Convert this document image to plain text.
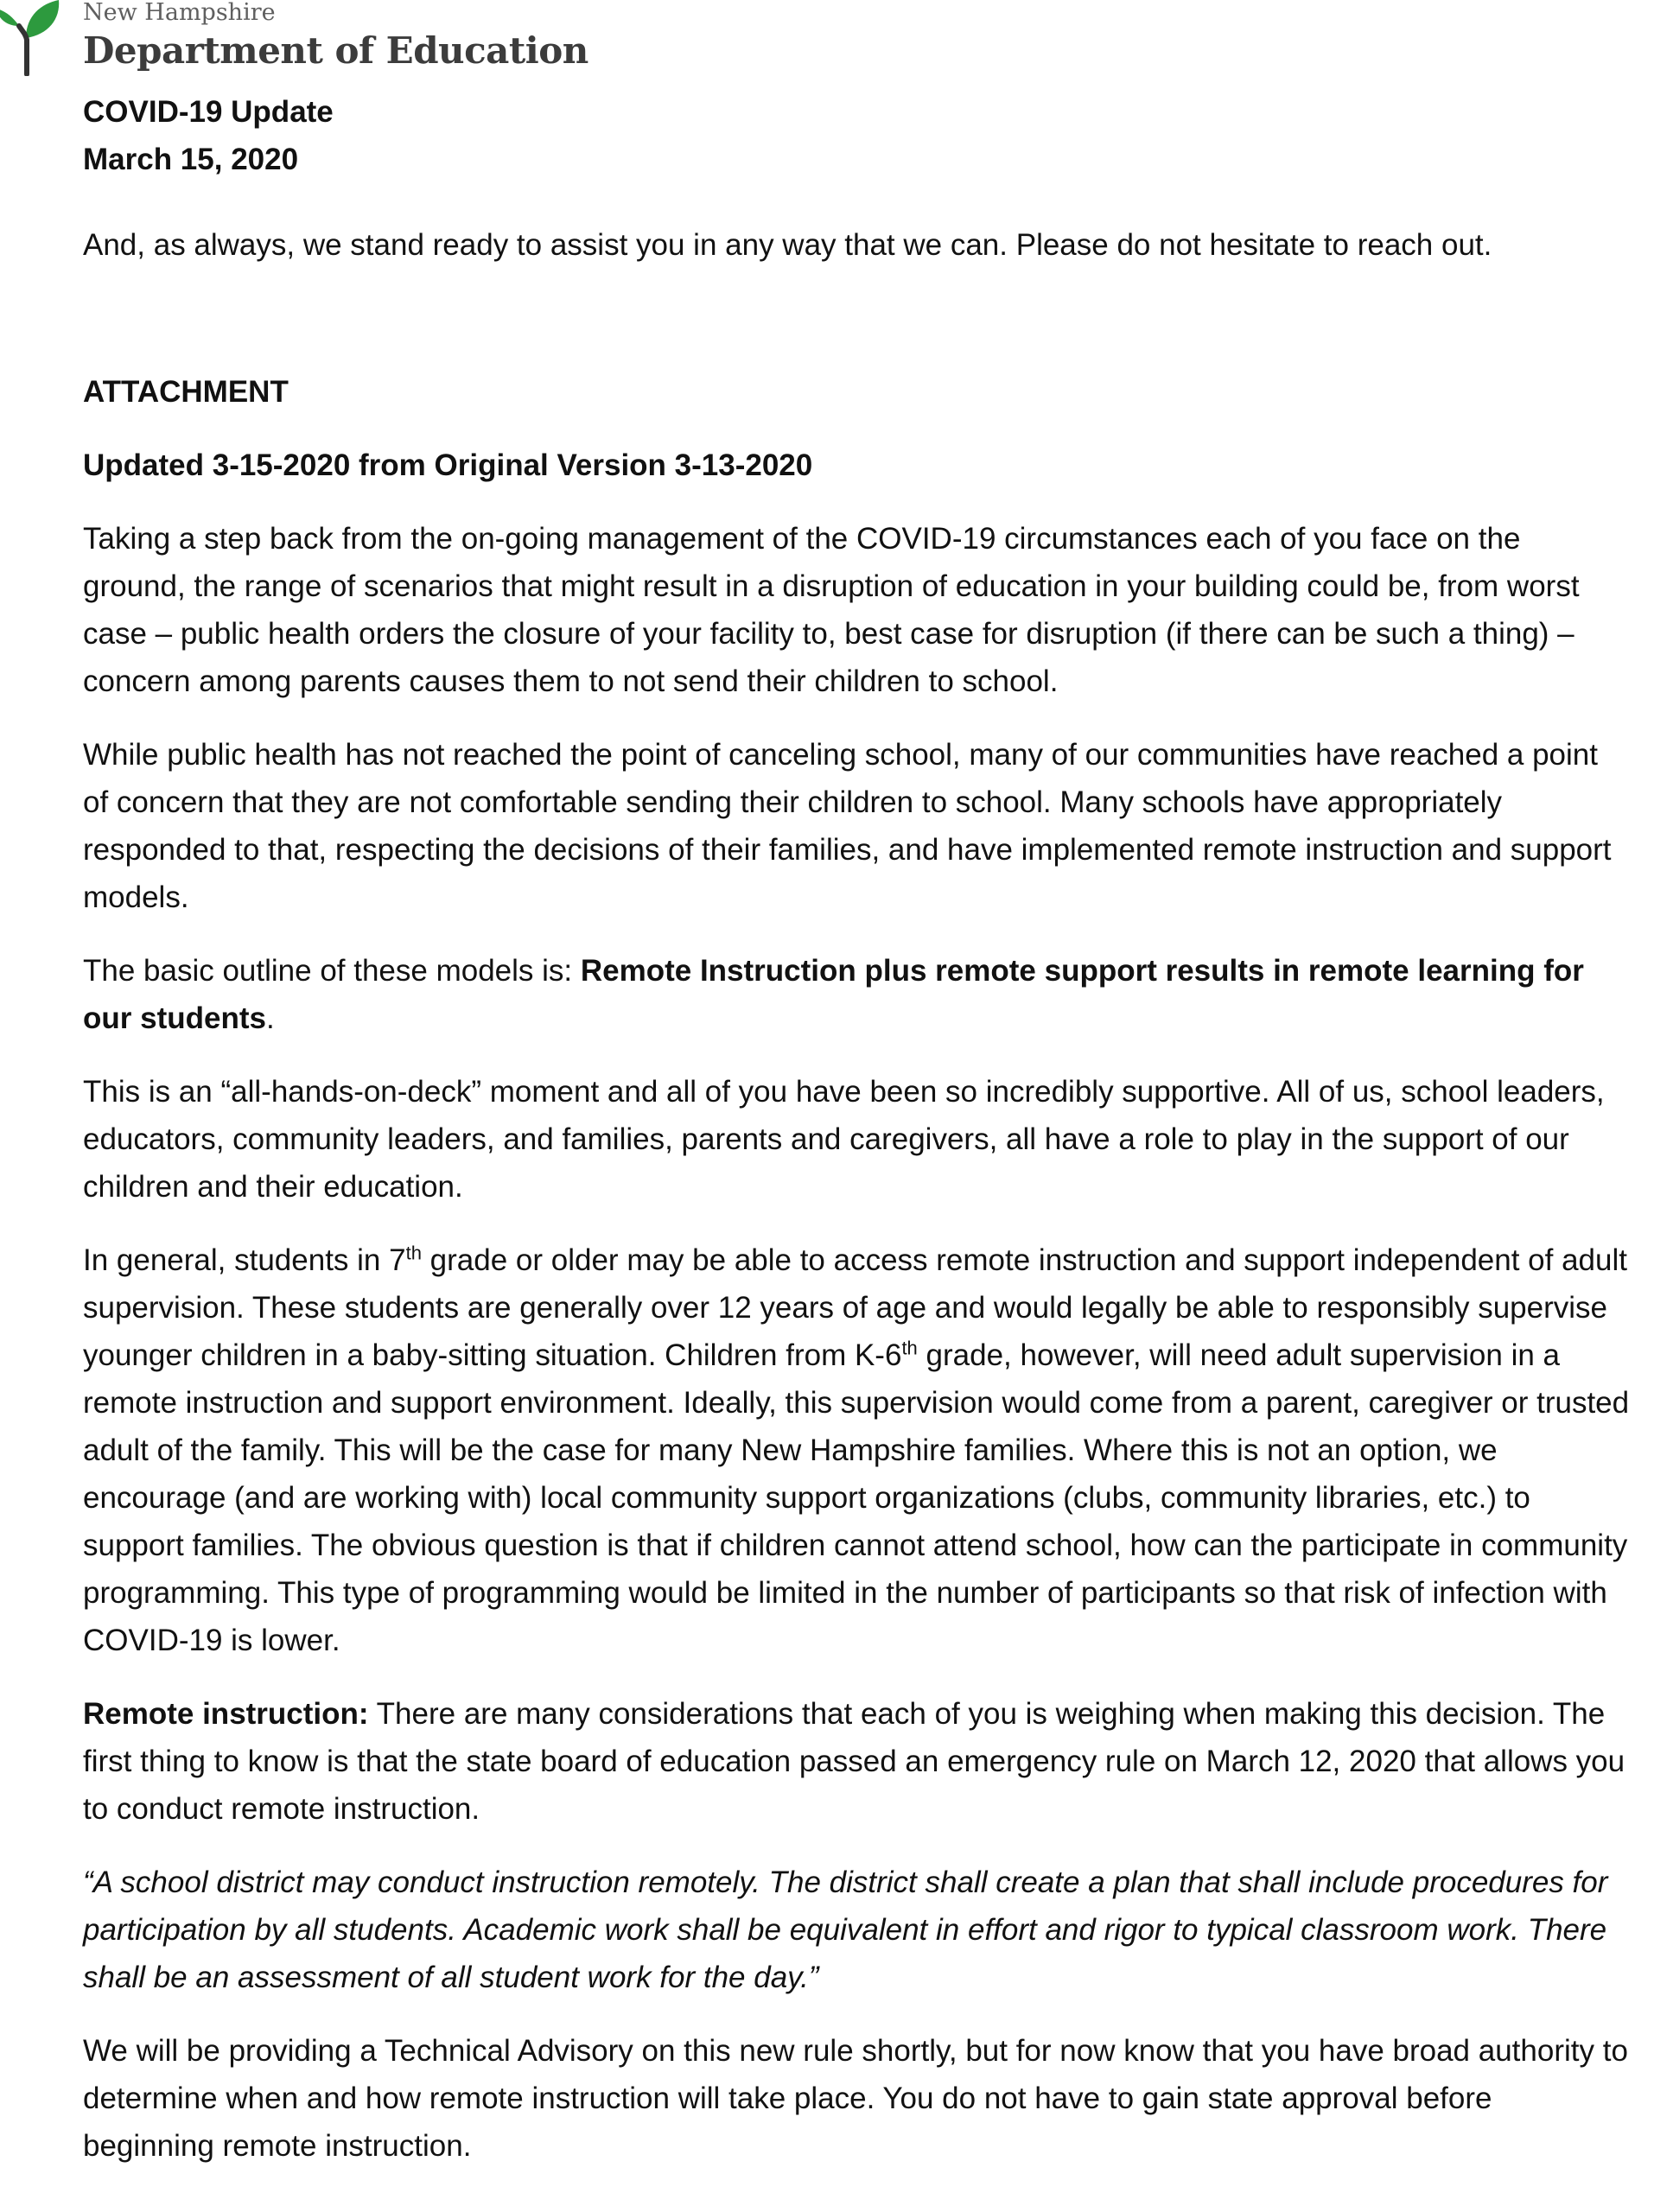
New Hampshire
Department of Education
COVID-19 Update
March 15, 2020

And, as always, we stand ready to assist you in any way that we can. Please do not hesitate to reach out.

ATTACHMENT

Updated 3-15-2020 from Original Version 3-13-2020

Taking a step back from the on-going management of the COVID-19 circumstances each of you face on the ground, the range of scenarios that might result in a disruption of education in your building could be, from worst case – public health orders the closure of your facility to, best case for disruption (if there can be such a thing) – concern among parents causes them to not send their children to school.

While public health has not reached the point of canceling school, many of our communities have reached a point of concern that they are not comfortable sending their children to school. Many schools have appropriately responded to that, respecting the decisions of their families, and have implemented remote instruction and support models.

The basic outline of these models is: Remote Instruction plus remote support results in remote learning for our students.

This is an “all-hands-on-deck” moment and all of you have been so incredibly supportive. All of us, school leaders, educators, community leaders, and families, parents and caregivers, all have a role to play in the support of our children and their education.

In general, students in 7th grade or older may be able to access remote instruction and support independent of adult supervision. These students are generally over 12 years of age and would legally be able to responsibly supervise younger children in a baby-sitting situation. Children from K-6th grade, however, will need adult supervision in a remote instruction and support environment. Ideally, this supervision would come from a parent, caregiver or trusted adult of the family. This will be the case for many New Hampshire families. Where this is not an option, we encourage (and are working with) local community support organizations (clubs, community libraries, etc.) to support families. The obvious question is that if children cannot attend school, how can the participate in community programming. This type of programming would be limited in the number of participants so that risk of infection with COVID-19 is lower.

Remote instruction: There are many considerations that each of you is weighing when making this decision. The first thing to know is that the state board of education passed an emergency rule on March 12, 2020 that allows you to conduct remote instruction.

“A school district may conduct instruction remotely. The district shall create a plan that shall include procedures for participation by all students. Academic work shall be equivalent in effort and rigor to typical classroom work. There shall be an assessment of all student work for the day.”

We will be providing a Technical Advisory on this new rule shortly, but for now know that you have broad authority to determine when and how remote instruction will take place. You do not have to gain state approval before beginning remote instruction.
